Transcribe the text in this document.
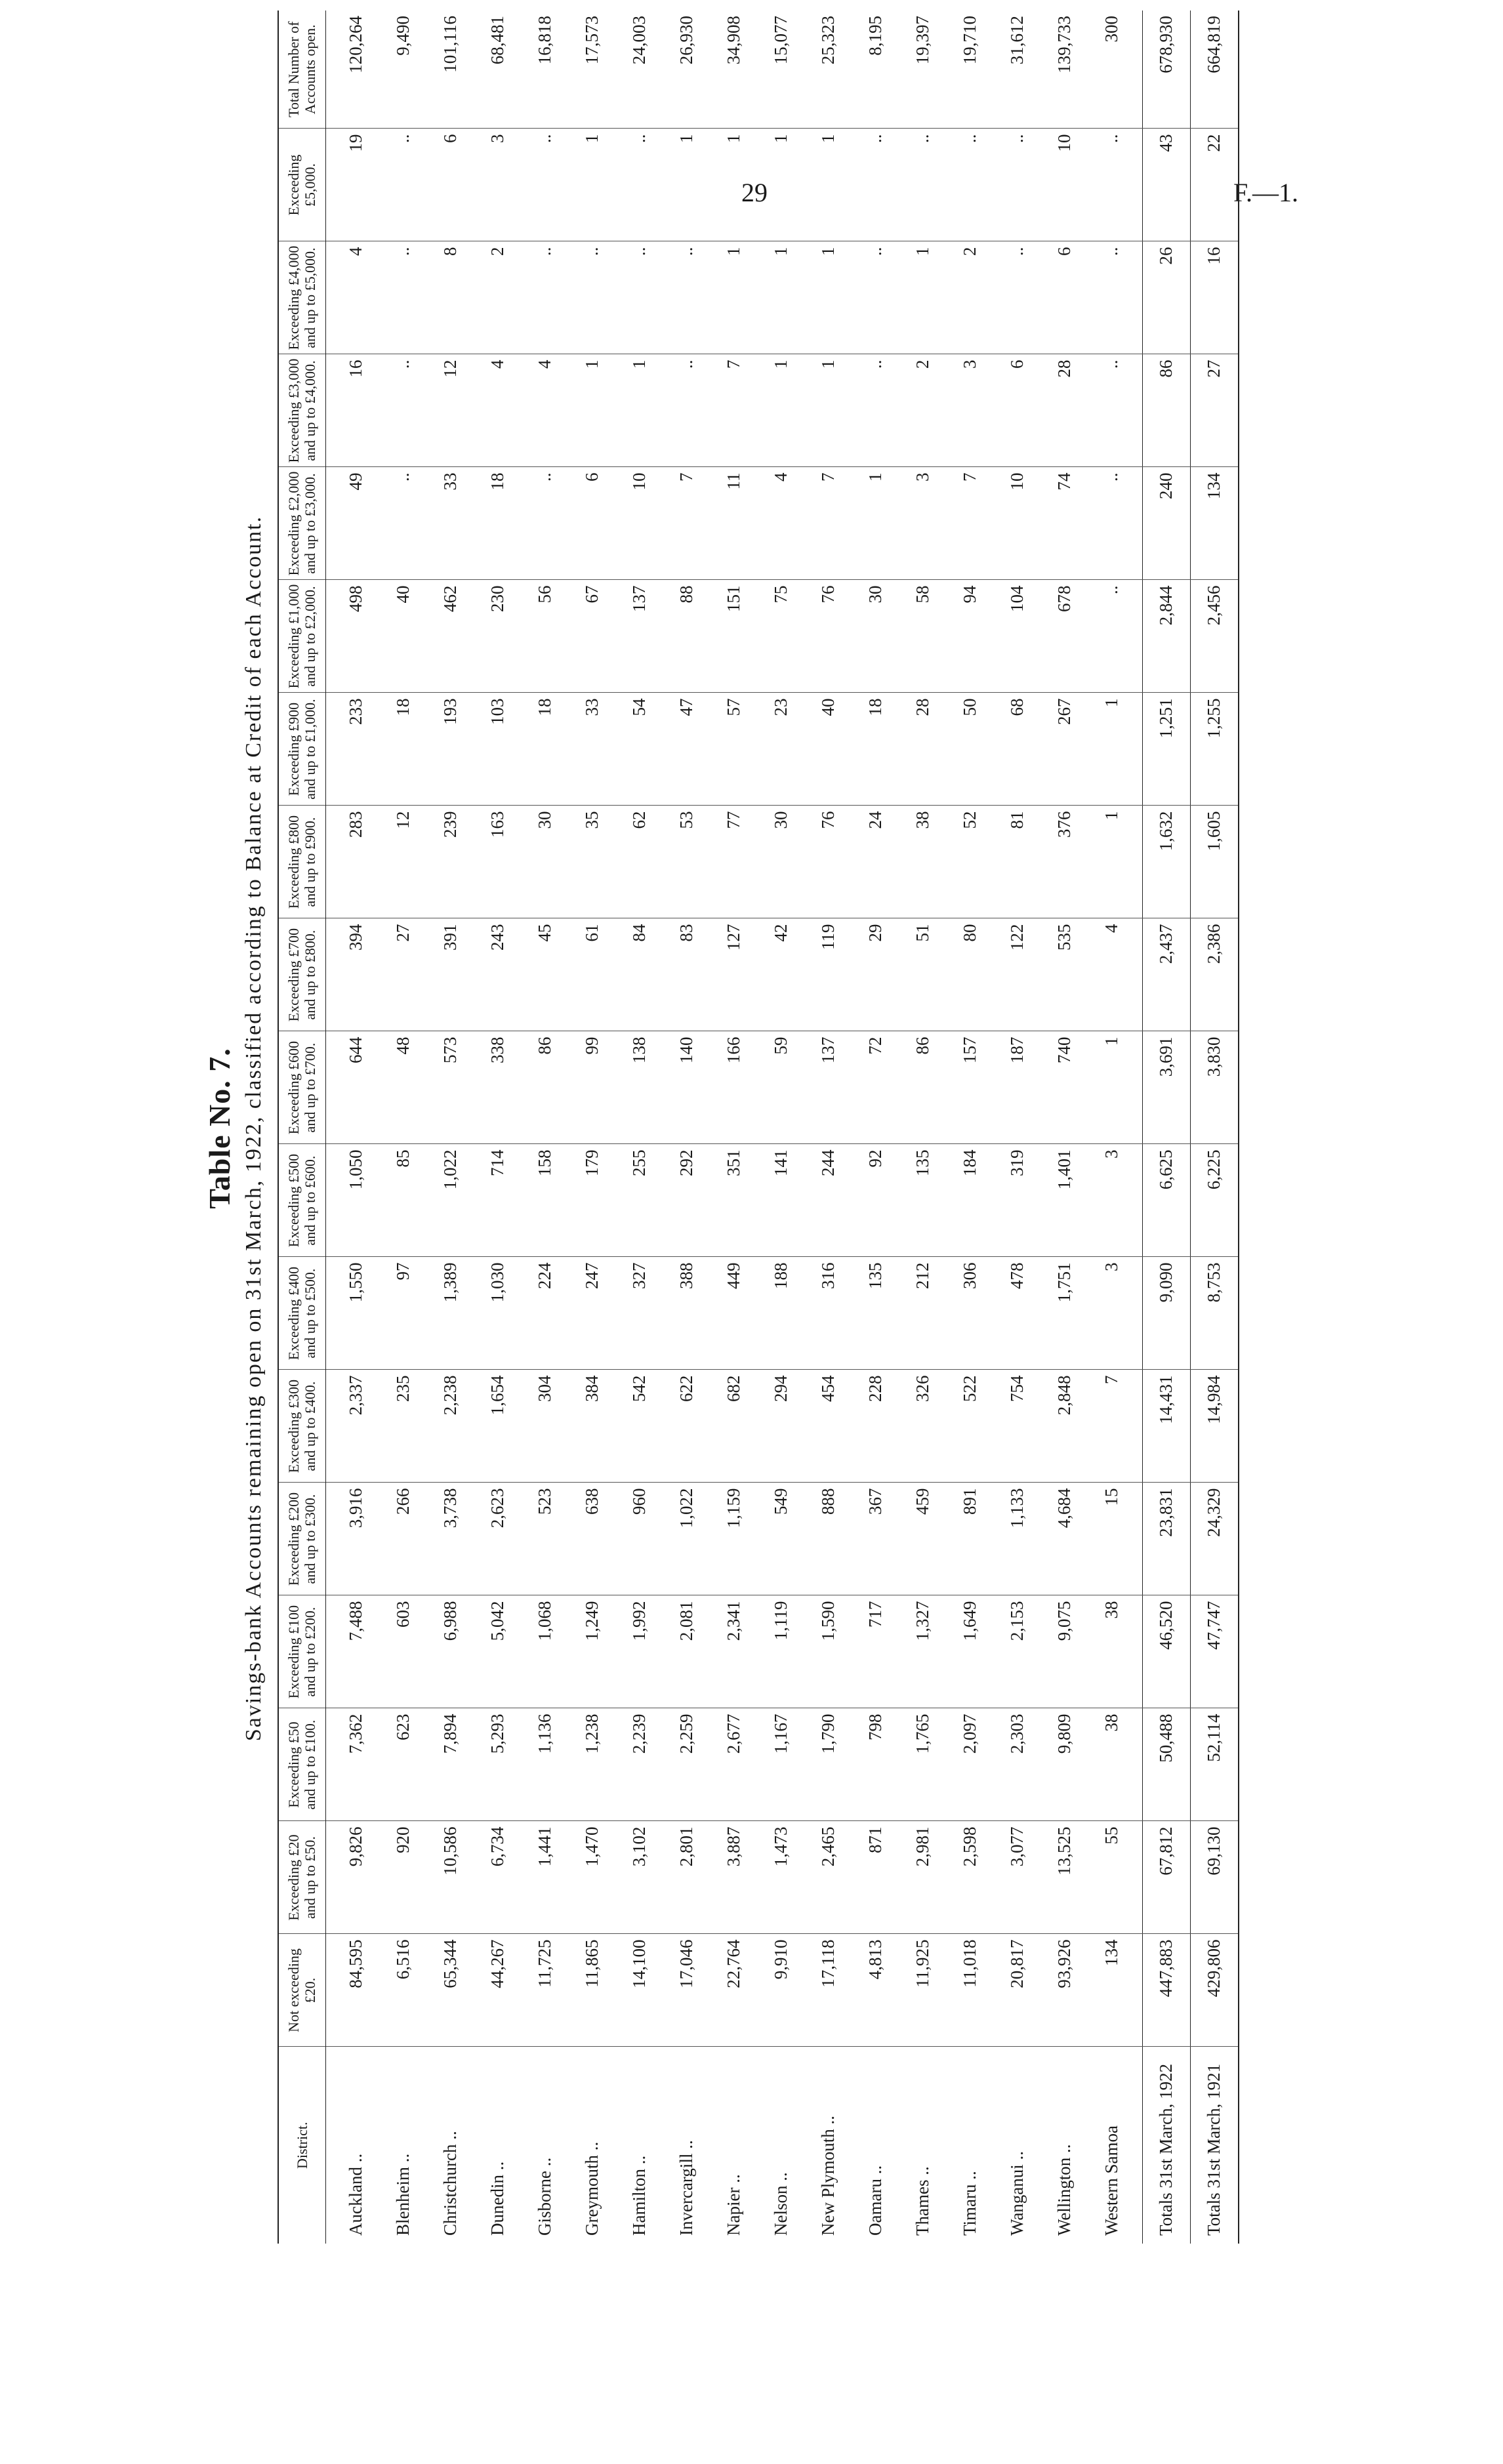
29	F.—1.
Table No. 7. Savings-bank Accounts remaining open on 31st March, 1922, classified according to Balance at Credit of each Account.
District.	Not exceeding £20.	Exceeding £20 and up to £50.	Exceeding £50 and up to £100.	Exceeding £100 and up to £200.	Exceeding £200 and up to £300.	Exceeding £300 and up to £400.	Exceeding £400 and up to £500.	Exceeding £500 and up to £600.	Exceeding £600 and up to £700.	Exceeding £700 and up to £800.	Exceeding £800 and up to £900.	Exceeding £900 and up to £1,000.	Exceeding £1,000 and up to £2,000.	Exceeding £2,000 and up to £3,000.	Exceeding £3,000 and up to £4,000.	Exceeding £4,000 and up to £5,000.	Exceeding £5,000.	Total Number of Accounts open.
Auckland ..	84,595	9,826	7,362	7,488	3,916	2,337	1,550	1,050	644	394	283	233	498	49	16	4	19	120,264
Blenheim ..	6,516	920	623	603	266	235	97	85	48	27	12	18	40	..	..	..	..	9,490
Christchurch ..	65,344	10,586	7,894	6,988	3,738	2,238	1,389	1,022	573	391	239	193	462	33	12	8	6	101,116
Dunedin ..	44,267	6,734	5,293	5,042	2,623	1,654	1,030	714	338	243	163	103	230	18	4	2	3	68,481
Gisborne ..	11,725	1,441	1,136	1,068	523	304	224	158	86	45	30	18	56	..	4	..	..	16,818
Greymouth ..	11,865	1,470	1,238	1,249	638	384	247	179	99	61	35	33	67	6	1	..	1	17,573
Hamilton ..	14,100	3,102	2,239	1,992	960	542	327	255	138	84	62	54	137	10	1	..	..	24,003
Invercargill ..	17,046	2,801	2,259	2,081	1,022	622	388	292	140	83	53	47	88	7	..	..	1	26,930
Napier ..	22,764	3,887	2,677	2,341	1,159	682	449	351	166	127	77	57	151	11	7	1	1	34,908
Nelson ..	9,910	1,473	1,167	1,119	549	294	188	141	59	42	30	23	75	4	1	1	1	15,077
New Plymouth ..	17,118	2,465	1,790	1,590	888	454	316	244	137	119	76	40	76	7	1	1	1	25,323
Oamaru ..	4,813	871	798	717	367	228	135	92	72	29	24	18	30	1	..	..	..	8,195
Thames ..	11,925	2,981	1,765	1,327	459	326	212	135	86	51	38	28	58	3	2	1	..	19,397
Timaru ..	11,018	2,598	2,097	1,649	891	522	306	184	157	80	52	50	94	7	3	2	..	19,710
Wanganui ..	20,817	3,077	2,303	2,153	1,133	754	478	319	187	122	81	68	104	10	6	..	..	31,612
Wellington ..	93,926	13,525	9,809	9,075	4,684	2,848	1,751	1,401	740	535	376	267	678	74	28	6	10	139,733
Western Samoa	134	55	38	38	15	7	3	3	1	4	1	1	..	..	..	..	..	300
Totals 31st March, 1922	447,883	67,812	50,488	46,520	23,831	14,431	9,090	6,625	3,691	2,437	1,632	1,251	2,844	240	86	26	43	678,930
Totals 31st March, 1921	429,806	69,130	52,114	47,747	24,329	14,984	8,753	6,225	3,830	2,386	1,605	1,255	2,456	134	27	16	22	664,819
